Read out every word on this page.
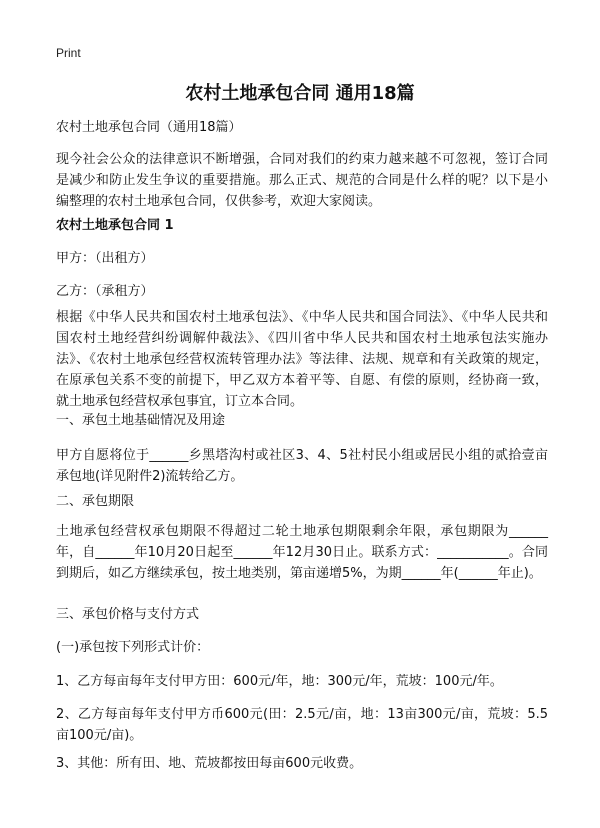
Print
农村土地承包合同 通用18篇
农村土地承包合同（通用18篇）
现今社会公众的法律意识不断增强，合同对我们的约束力越来越不可忽视，签订合同是减少和防止发生争议的重要措施。那么正式、规范的合同是什么样的呢？以下是小编整理的农村土地承包合同，仅供参考，欢迎大家阅读。
农村土地承包合同 1
甲方：（出租方）
乙方：（承租方）
根据《中华人民共和国农村土地承包法》、《中华人民共和国合同法》、《中华人民共和国农村土地经营纠纷调解仲裁法》、《四川省中华人民共和国农村土地承包法实施办法》、《农村土地承包经营权流转管理办法》等法律、法规、规章和有关政策的规定，在原承包关系不变的前提下，甲乙双方本着平等、自愿、有偿的原则，经协商一致，就土地承包经营权承包事宜，订立本合同。
一、承包土地基础情况及用途
甲方自愿将位于______乡黑塔沟村或社区3、4、5社村民小组或居民小组的贰拾壹亩承包地(详见附件2)流转给乙方。
二、承包期限
土地承包经营权承包期限不得超过二轮土地承包期限剩余年限，承包期限为______年，自______年10月20日起至______年12月30日止。联系方式：___________。合同到期后，如乙方继续承包，按土地类别，第亩递增5%，为期______年(______年止)。
三、承包价格与支付方式
(一)承包按下列形式计价：
1、乙方每亩每年支付甲方田：600元/年，地：300元/年，荒坡：100元/年。
2、乙方每亩每年支付甲方币600元(田：2.5元/亩，地：13亩300元/亩，荒坡：5.5亩100元/亩)。
3、其他：所有田、地、荒坡都按田每亩600元收费。
